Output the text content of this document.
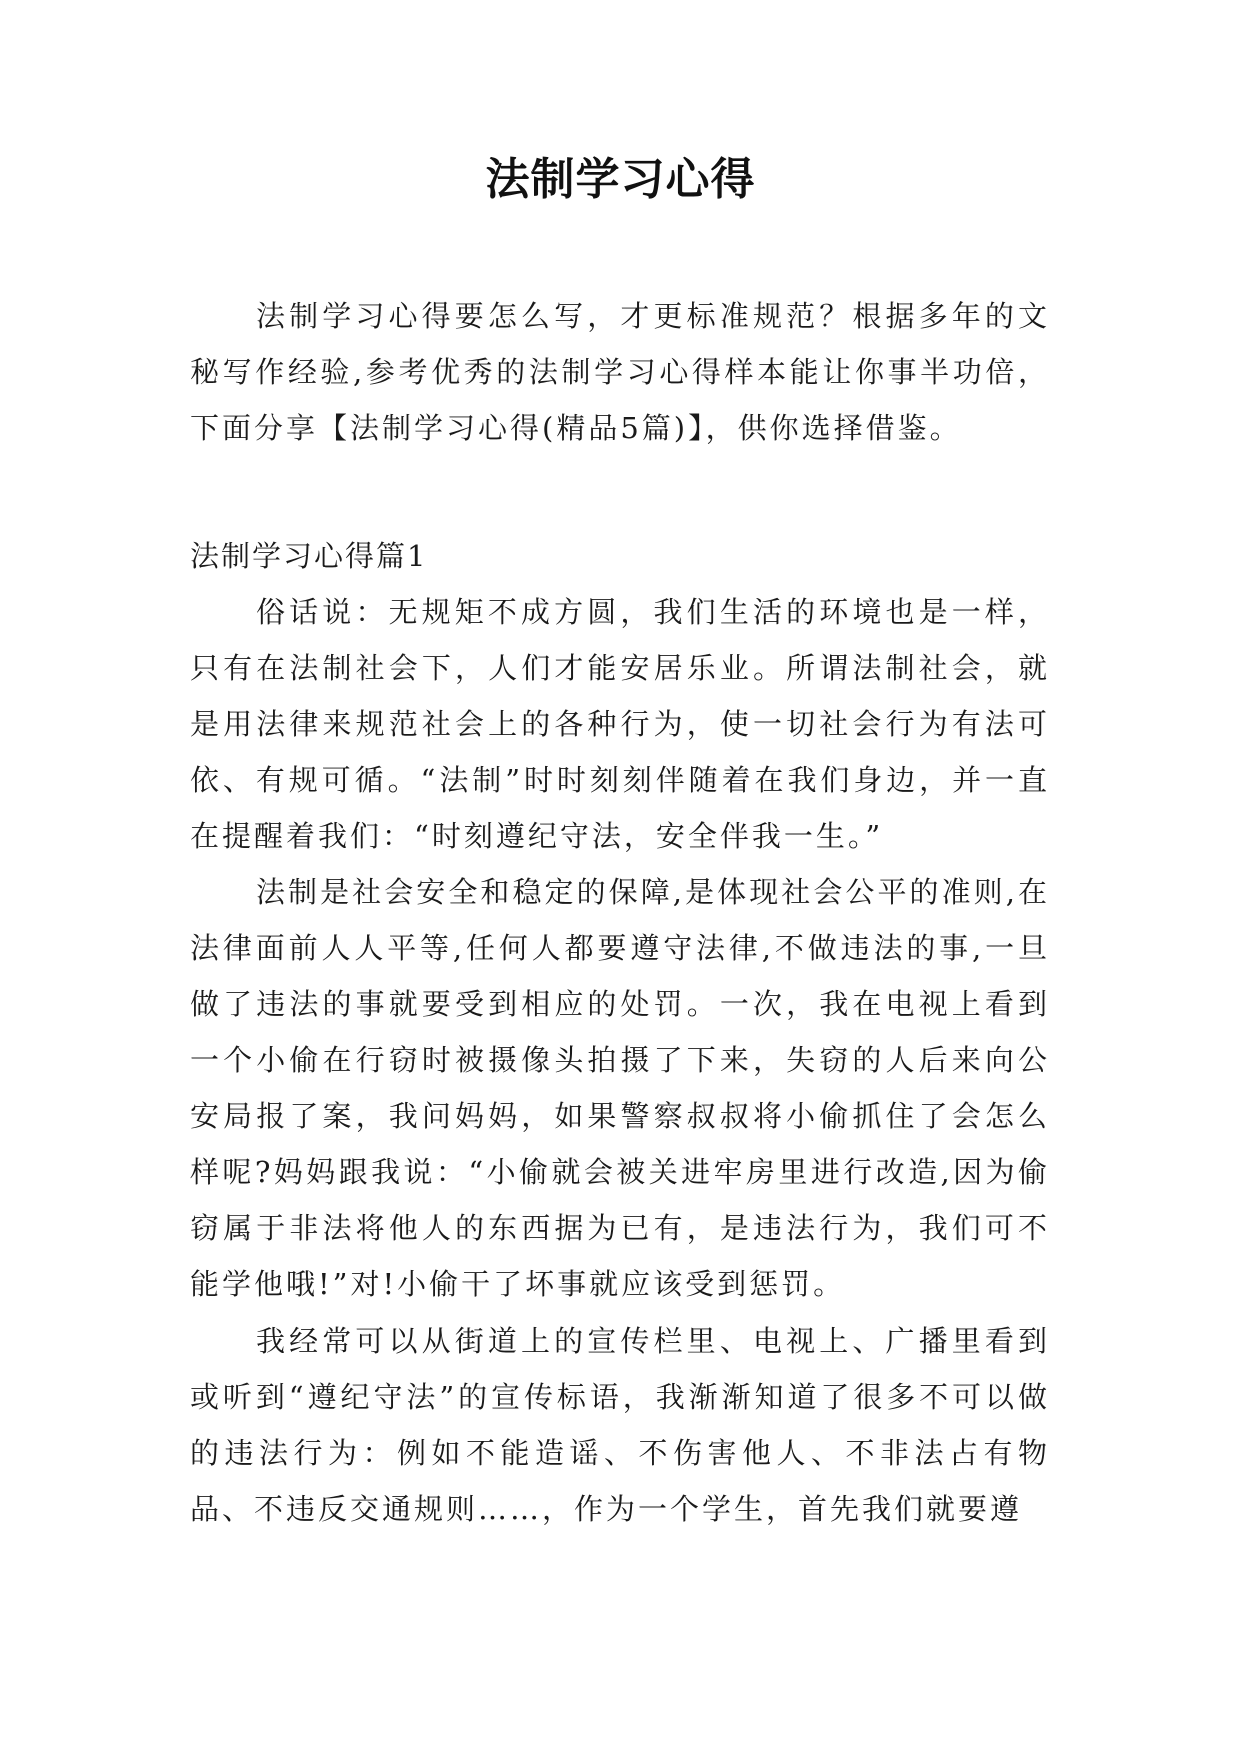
法制学习心得
法制学习心得要怎么写，才更标准规范？根据多年的文秘写作经验,参考优秀的法制学习心得样本能让你事半功倍，下面分享【法制学习心得(精品5篇)】，供你选择借鉴。
法制学习心得篇1
俗话说：无规矩不成方圆，我们生活的环境也是一样，只有在法制社会下，人们才能安居乐业。所谓法制社会，就是用法律来规范社会上的各种行为，使一切社会行为有法可依、有规可循。“法制”时时刻刻伴随着在我们身边，并一直在提醒着我们：“时刻遵纪守法，安全伴我一生。”
法制是社会安全和稳定的保障,是体现社会公平的准则,在法律面前人人平等,任何人都要遵守法律,不做违法的事,一旦做了违法的事就要受到相应的处罚。一次，我在电视上看到一个小偷在行窃时被摄像头拍摄了下来，失窃的人后来向公安局报了案，我问妈妈，如果警察叔叔将小偷抓住了会怎么样呢?妈妈跟我说：“小偷就会被关进牢房里进行改造,因为偷窃属于非法将他人的东西据为已有，是违法行为，我们可不能学他哦!”对!小偷干了坏事就应该受到惩罚。
我经常可以从街道上的宣传栏里、电视上、广播里看到或听到“遵纪守法”的宣传标语，我渐渐知道了很多不可以做的违法行为：例如不能造谣、不伤害他人、不非法占有物品、不违反交通规则……，作为一个学生，首先我们就要遵
